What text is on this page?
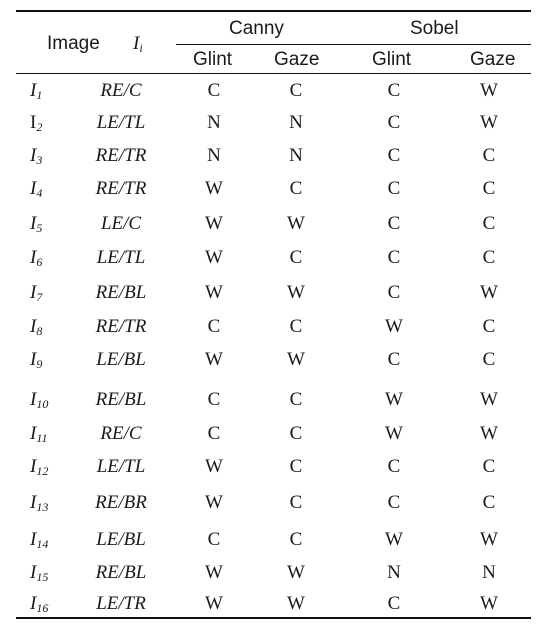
Image Ii
Canny	Sobel
Glint Gaze	Glint	Gaze
I1	RE/C	C	C	C	W
I2	LE/TL	N	N	C	W
I3	RE/TR	N	N	C	C
I4	RE/TR	W	C	C	C
I5	LE/C	W	W	C	C
I6	LE/TL	W	C	C	C
I7	RE/BL	W	W	C	W
I8	RE/TR	C	C	W	C
I9	LE/BL	W	W	C	C
I10 RE/BL	C	C	W	W
I11	RE/C	C	C	W	W
I12	LE/TL	W	C	C	C
I13 RE/BR	W	C	C	C
I14	LE/BL	C	C	W	W
I15 RE/BL	W	W	N	N
I16	LE/TR	W	W	C	W
